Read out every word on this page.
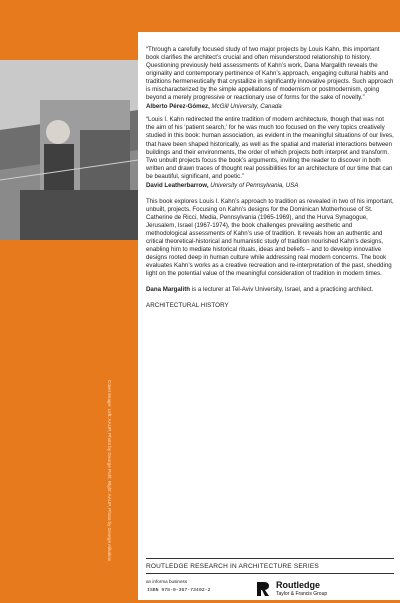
Cover image: Left: AAUP, Photo by George Pohl; Right: AAUP, Photo by George Alikakos

“Through a carefully focused study of two major projects by Louis Kahn, this important book clarifies the architect’s crucial and often misunderstood relationship to history. Questioning previously held assessments of Kahn’s work, Dana Margalith reveals the originality and contemporary pertinence of Kahn’s approach, engaging cultural habits and traditions hermeneutically that crystallize in significantly innovative projects. Such approach is mischaracterized by the simple appellations of modernism or postmodernism, going beyond a merely progressive or reactionary use of forms for the sake of novelty.”

Alberto Pérez-Gómez, McGill University, Canada

“Louis I. Kahn redirected the entire tradition of modern architecture, though that was not the aim of his ‘patient search,’ for he was much too focused on the very topics creatively studied in this book: human association, as evident in the meaningful situations of our lives, that have been shaped historically, as well as the spatial and material interactions between buildings and their environments, the order of which projects both interpret and transform. Two unbuilt projects focus the book’s arguments, inviting the reader to discover in both written and drawn traces of thought real possibilities for an architecture of our time that can be beautiful, significant, and poetic.”

David Leatherbarrow, University of Pennsylvania, USA

This book explores Louis I. Kahn’s approach to tradition as revealed in two of his important, unbuilt, projects. Focusing on Kahn’s designs for the Dominican Motherhouse of St. Catherine de Ricci, Media, Pennsylvania (1965-1969), and the Hurva Synagogue, Jerusalem, Israel (1967-1974), the book challenges prevailing aesthetic and methodological assessments of Kahn’s use of tradition. It reveals how an authentic and critical theoretical-historical and humanistic study of tradition nourished Kahn’s designs, enabling him to mediate historical rituals, ideas and beliefs – and to develop innovative designs rooted deep in human culture while addressing real modern concerns. The book evaluates Kahn’s works as a creative recreation and re-interpretation of the past, shedding light on the potential value of the meaningful consideration of tradition in modern times.

Dana Margalith is a lecturer at Tel-Aviv University, Israel, and a practicing architect.

ARCHITECTURAL HISTORY
ROUTLEDGE RESEARCH IN ARCHITECTURE SERIES
an informa business
ISBN 978-0-367-73402-2
Routledge
Taylor & Francis Group
